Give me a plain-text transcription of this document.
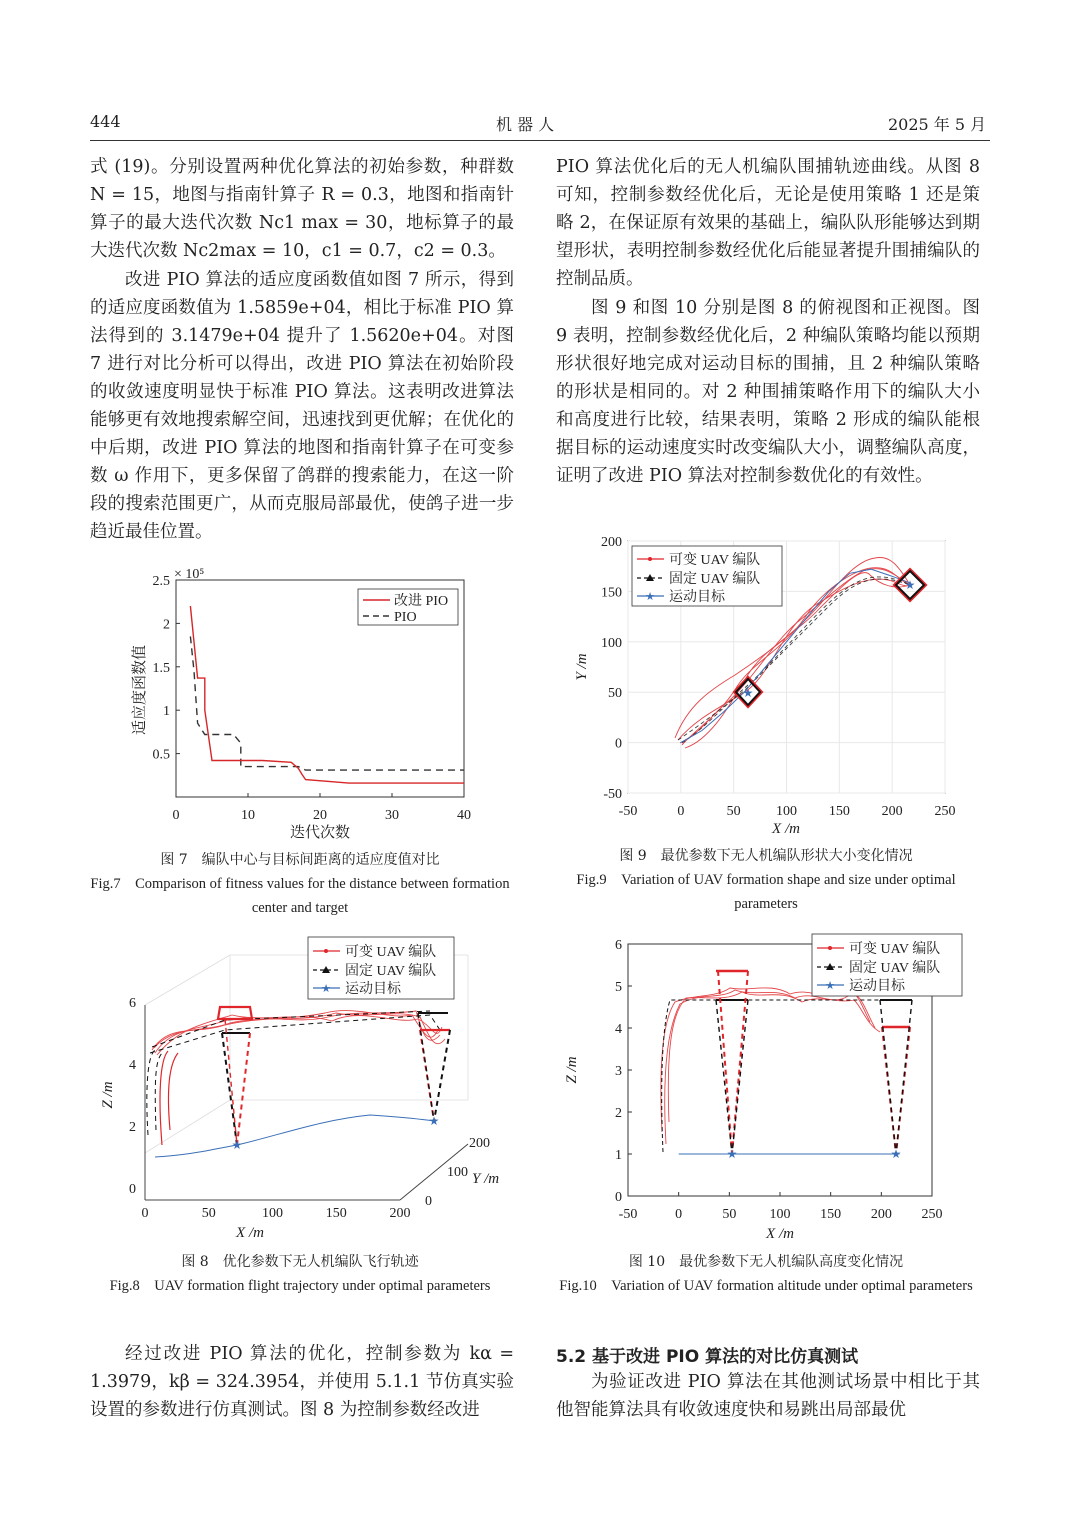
444	机 器 人	2025 年 5 月

式 (19)。分别设置两种优化算法的初始参数，种群数 N = 15，地图与指南针算子 R = 0.3，地图和指南针算子的最大迭代次数 Nc1 max = 30，地标算子的最大迭代次数 Nc2max = 10，c1 = 0.7，c2 = 0.3。

改进 PIO 算法的适应度函数值如图 7 所示，得到的适应度函数值为 1.5859e+04，相比于标准 PIO 算法得到的 3.1479e+04 提升了 1.5620e+04。对图 7 进行对比分析可以得出，改进 PIO 算法在初始阶段的收敛速度明显快于标准 PIO 算法。这表明改进算法能够更有效地搜索解空间，迅速找到更优解；在优化的中后期，改进 PIO 算法的地图和指南针算子在可变参数 ω 作用下，更多保留了鸽群的搜索能力，在这一阶段的搜索范围更广，从而克服局部最优，使鸽子进一步趋近最佳位置。

PIO 算法优化后的无人机编队围捕轨迹曲线。从图 8 可知，控制参数经优化后，无论是使用策略 1 还是策略 2，在保证原有效果的基础上，编队队形能够达到期望形状，表明控制参数经优化后能显著提升围捕编队的控制品质。

图 9 和图 10 分别是图 8 的俯视图和正视图。图 9 表明，控制参数经优化后，2 种编队策略均能以预期形状很好地完成对运动目标的围捕，且 2 种编队策略的形状是相同的。对 2 种围捕策略作用下的编队大小和高度进行比较，结果表明，策略 2 形成的编队能根据目标的运动速度实时改变编队大小，调整编队高度，证明了改进 PIO 算法对控制参数优化的有效性。

× 10⁵
0	10	20	30	40
0.5
1
1.5
2
2.5
改进 PIO
PIO
迭代次数
适应度函数值
图 7　编队中心与目标间距离的适应度值对比
Fig.7　Comparison of fitness values for the distance between formation center and target
0	50	100	150	200
0
2
4
6
0
100
200
★
★
可变 UAV 编队
固定 UAV 编队
★ 运动目标
X /m
Z /m
Y /m
图 8　优化参数下无人机编队飞行轨迹
Fig.8　UAV formation flight trajectory under optimal parameters
-50	0	50	100 150 200 250
-50
0
50
100
150
200
★
★
可变 UAV 编队
固定 UAV 编队
★ 运动目标
X /m
Y /m
图 9　最优参数下无人机编队形状大小变化情况
Fig.9　Variation of UAV formation shape and size under optimal parameters
-50	0	50 100 150 200 250
0
1
2
3
4
5
6
★	★
可变 UAV 编队
固定 UAV 编队
★ 运动目标
X /m
Z /m
图 10　最优参数下无人机编队高度变化情况
Fig.10　Variation of UAV formation altitude under optimal parameters

经过改进 PIO 算法的优化，控制参数为 kα = 1.3979，kβ = 324.3954，并使用 5.1.1 节仿真实验设置的参数进行仿真测试。图 8 为控制参数经改进

5.2 基于改进 PIO 算法的对比仿真测试

为验证改进 PIO 算法在其他测试场景中相比于其他智能算法具有收敛速度快和易跳出局部最优
